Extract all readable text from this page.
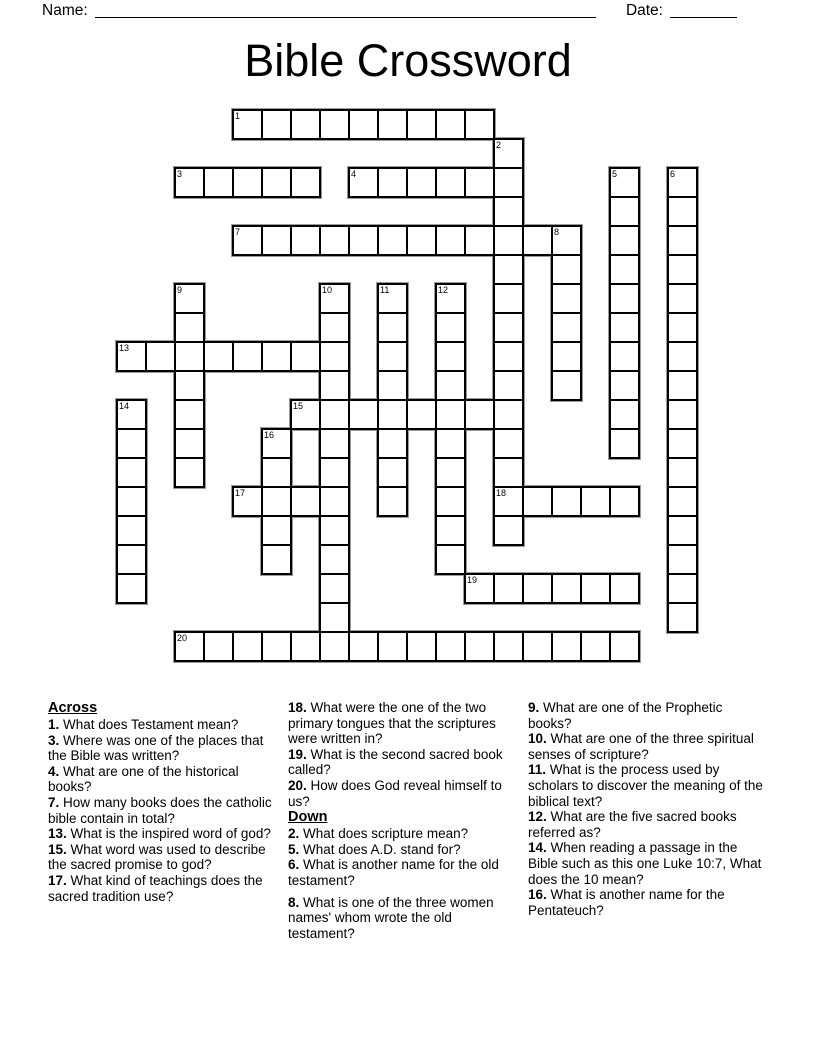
Name:	Date:
Bible Crossword
1
2
3	4	5	6
7	8
9	10	11	12
13
14	15
16
17	18
19
20
Across
1. What does Testament mean?
3. Where was one of the places that the Bible was written?
4. What are one of the historical books?
7. How many books does the catholic bible contain in total?
13. What is the inspired word of god?
15. What word was used to describe the sacred promise to god?
17. What kind of teachings does the sacred tradition use?
18. What were the one of the two primary tongues that the scriptures were written in?
19. What is the second sacred book called?
20. How does God reveal himself to us?
Down
2. What does scripture mean?
5. What does A.D. stand for?
6. What is another name for the old testament?
8. What is one of the three women names' whom wrote the old testament?
9. What are one of the Prophetic books?
10. What are one of the three spiritual senses of scripture?
11. What is the process used by scholars to discover the meaning of the biblical text?
12. What are the five sacred books referred as?
14. When reading a passage in the Bible such as this one Luke 10:7, What does the 10 mean?
16. What is another name for the Pentateuch?
